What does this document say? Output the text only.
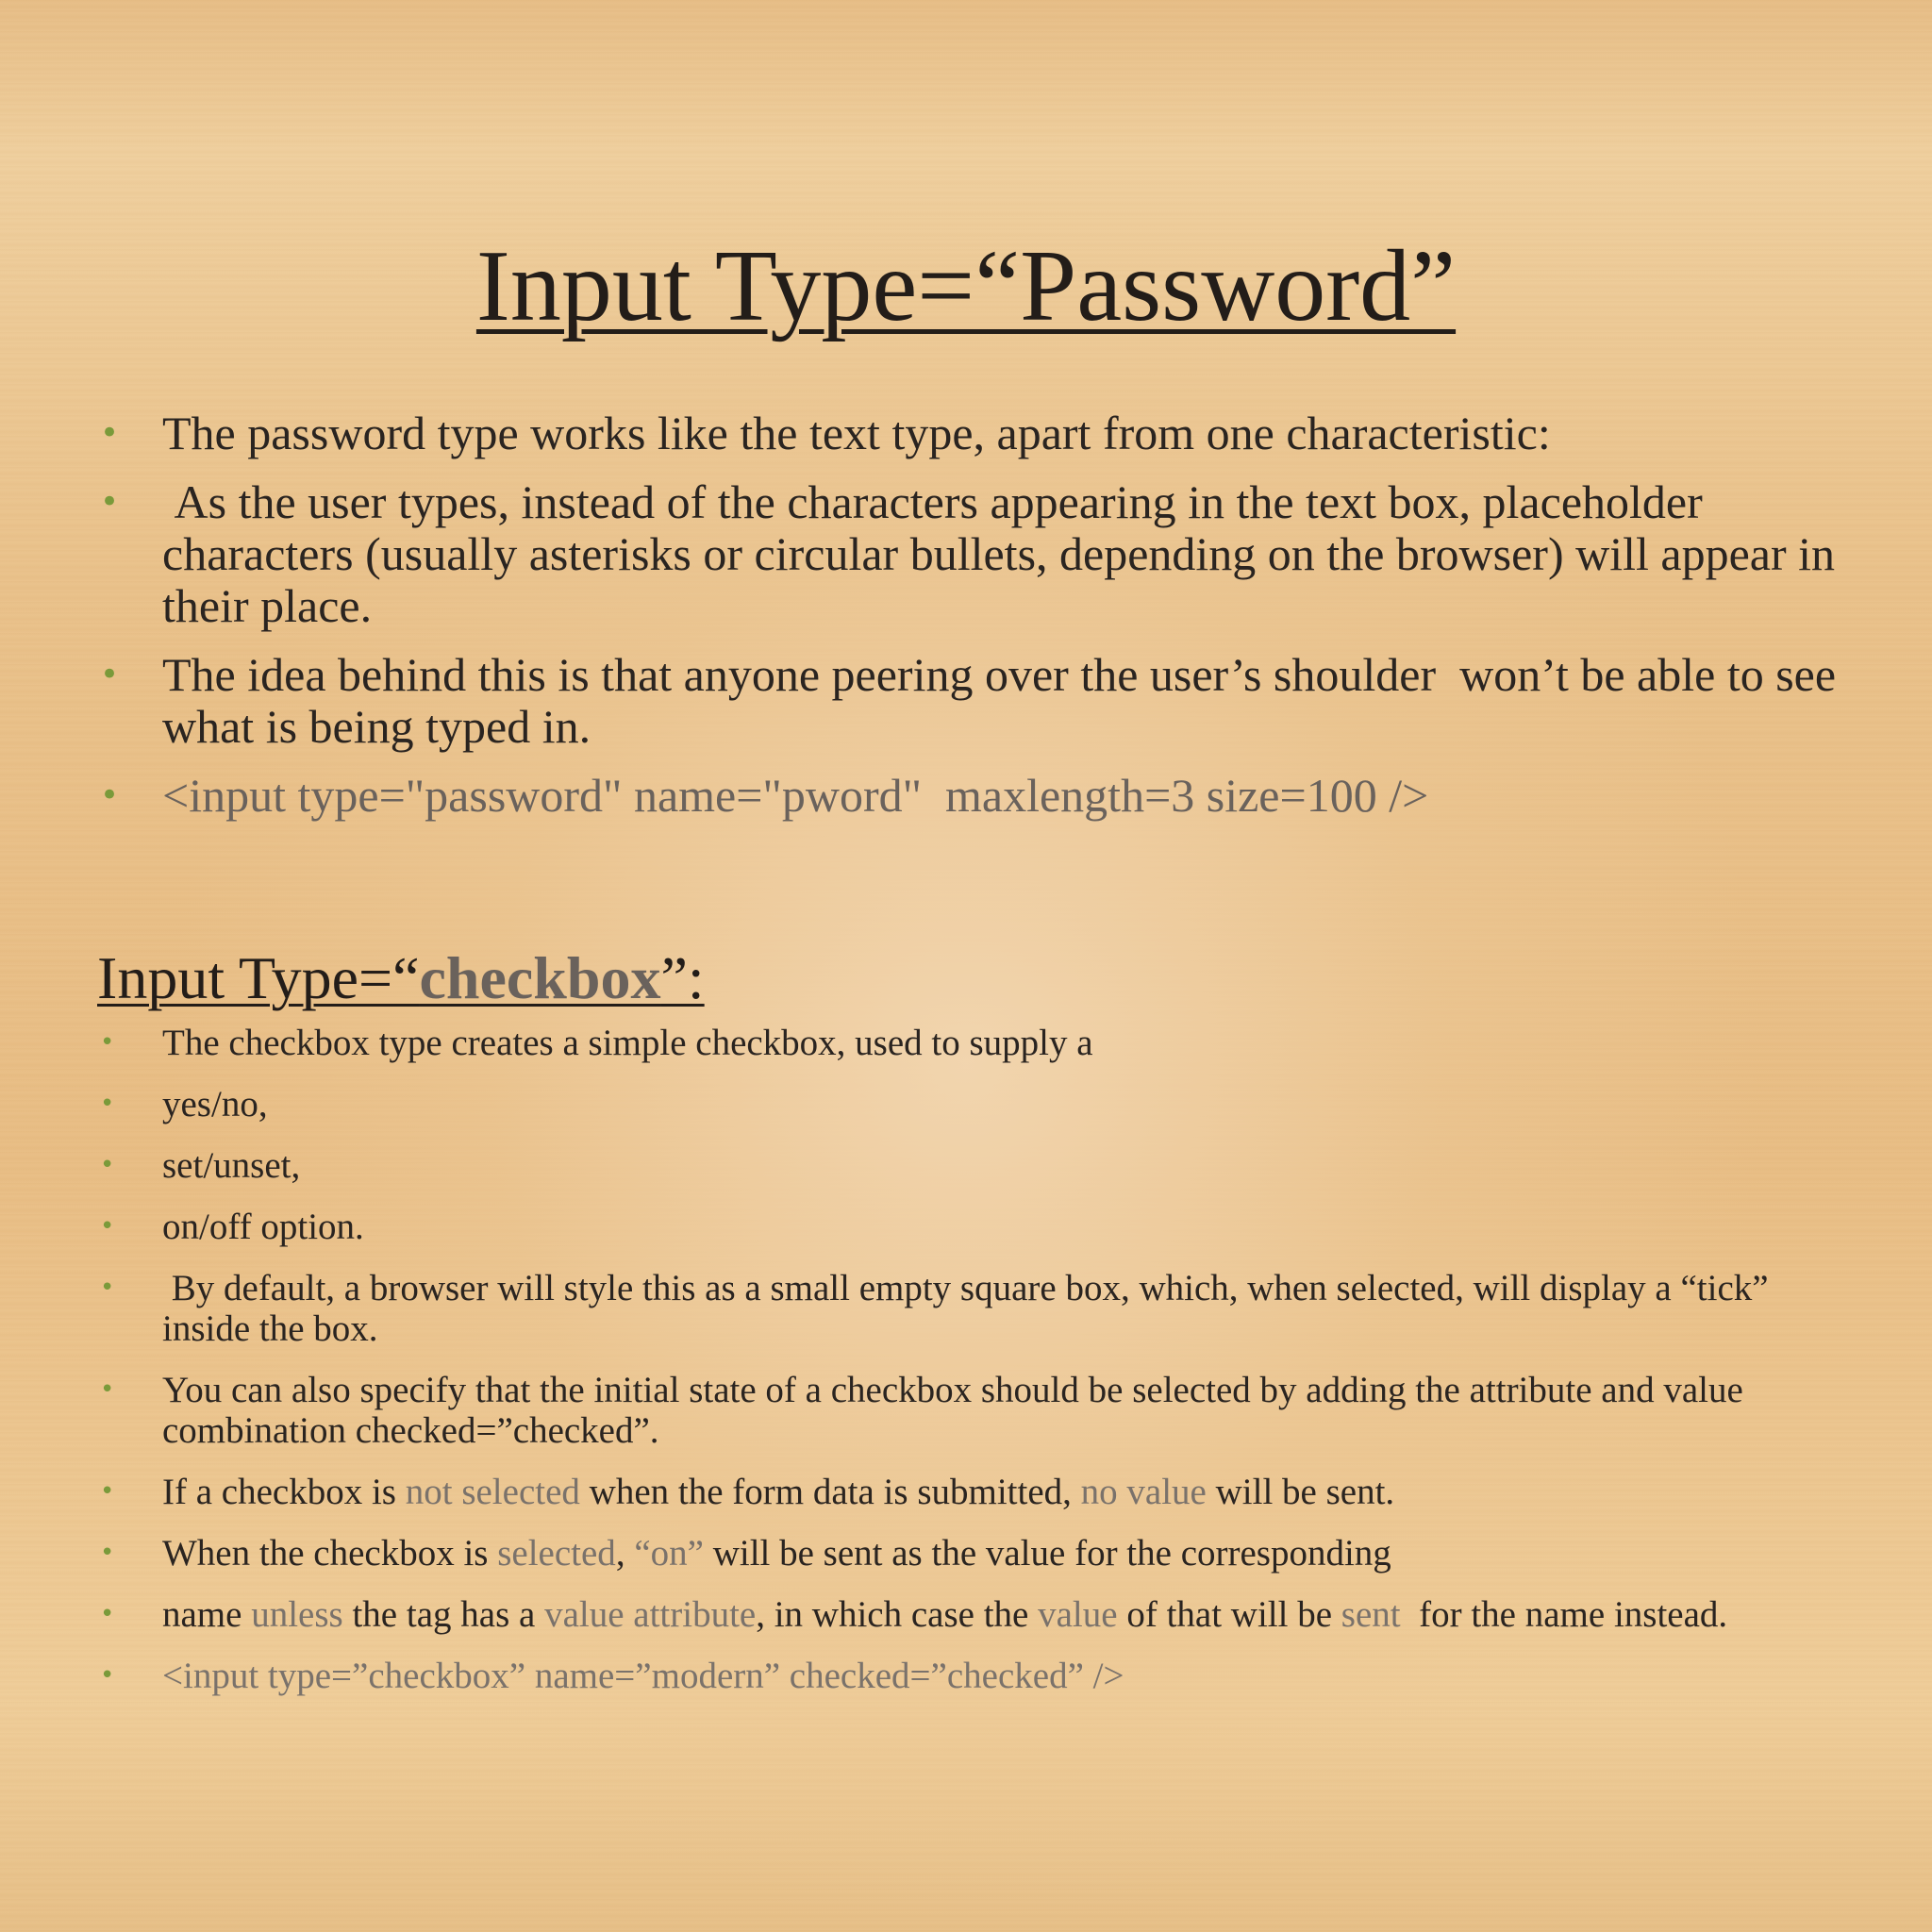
Input Type=“Password”
• The password type works like the text type, apart from one characteristic:
• As the user types, instead of the characters appearing in the text box, placeholder characters (usually asterisks or circular bullets, depending on the browser) will appear in their place.
• The idea behind this is that anyone peering over the user’s shoulder  won’t be able to see what is being typed in.
• <input type="password" name="pword"  maxlength=3 size=100 />
Input Type=“checkbox”:
• The checkbox type creates a simple checkbox, used to supply a
• yes/no,
• set/unset,
• on/off option.
• By default, a browser will style this as a small empty square box, which, when selected, will display a “tick” inside the box.
• You can also specify that the initial state of a checkbox should be selected by adding the attribute and value combination checked=”checked”.
• If a checkbox is not selected when the form data is submitted, no value will be sent.
• When the checkbox is selected, “on” will be sent as the value for the corresponding
• name unless the tag has a value attribute, in which case the value of that will be sent  for the name instead.
• <input type=”checkbox” name=”modern” checked=”checked” />
